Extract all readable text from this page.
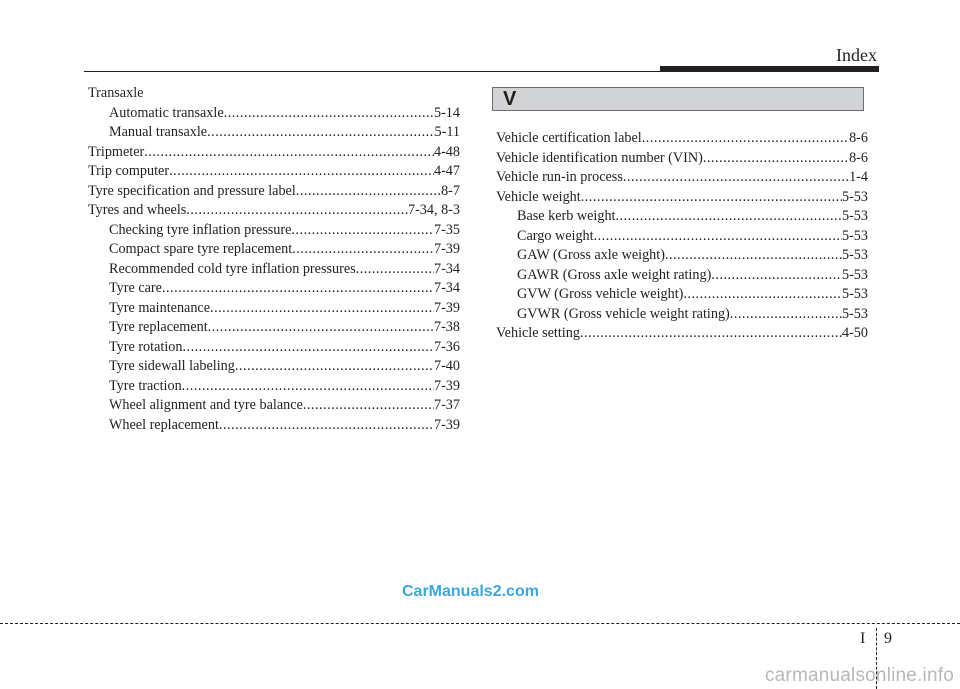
Index
Transaxle
Automatic transaxle .....	5-14
Manual transaxle .....	5-11
Tripmeter .....	4-48
Trip computer .....	4-47
Tyre specification and pressure label .....	8-7
Tyres and wheels .....	7-34, 8-3
Checking tyre inflation pressure .....	7-35
Compact spare tyre replacement .....	7-39
Recommended cold tyre inflation pressures .....	7-34
Tyre care .....	7-34
Tyre maintenance .....	7-39
Tyre replacement .....	7-38
Tyre rotation .....	7-36
Tyre sidewall labeling .....	7-40
Tyre traction .....	7-39
Wheel alignment and tyre balance .....	7-37
Wheel replacement .....	7-39
V
Vehicle certification label .....	8-6
Vehicle identification number (VIN) .....	8-6
Vehicle run-in process .....	1-4
Vehicle weight .....	5-53
Base kerb weight .....	5-53
Cargo weight .....	5-53
GAW (Gross axle weight) .....	5-53
GAWR (Gross axle weight rating) .....	5-53
GVW (Gross vehicle weight) .....	5-53
GVWR (Gross vehicle weight rating) .....	5-53
Vehicle setting .....	4-50
CarManuals2.com
I 9
carmanualsonline.info
